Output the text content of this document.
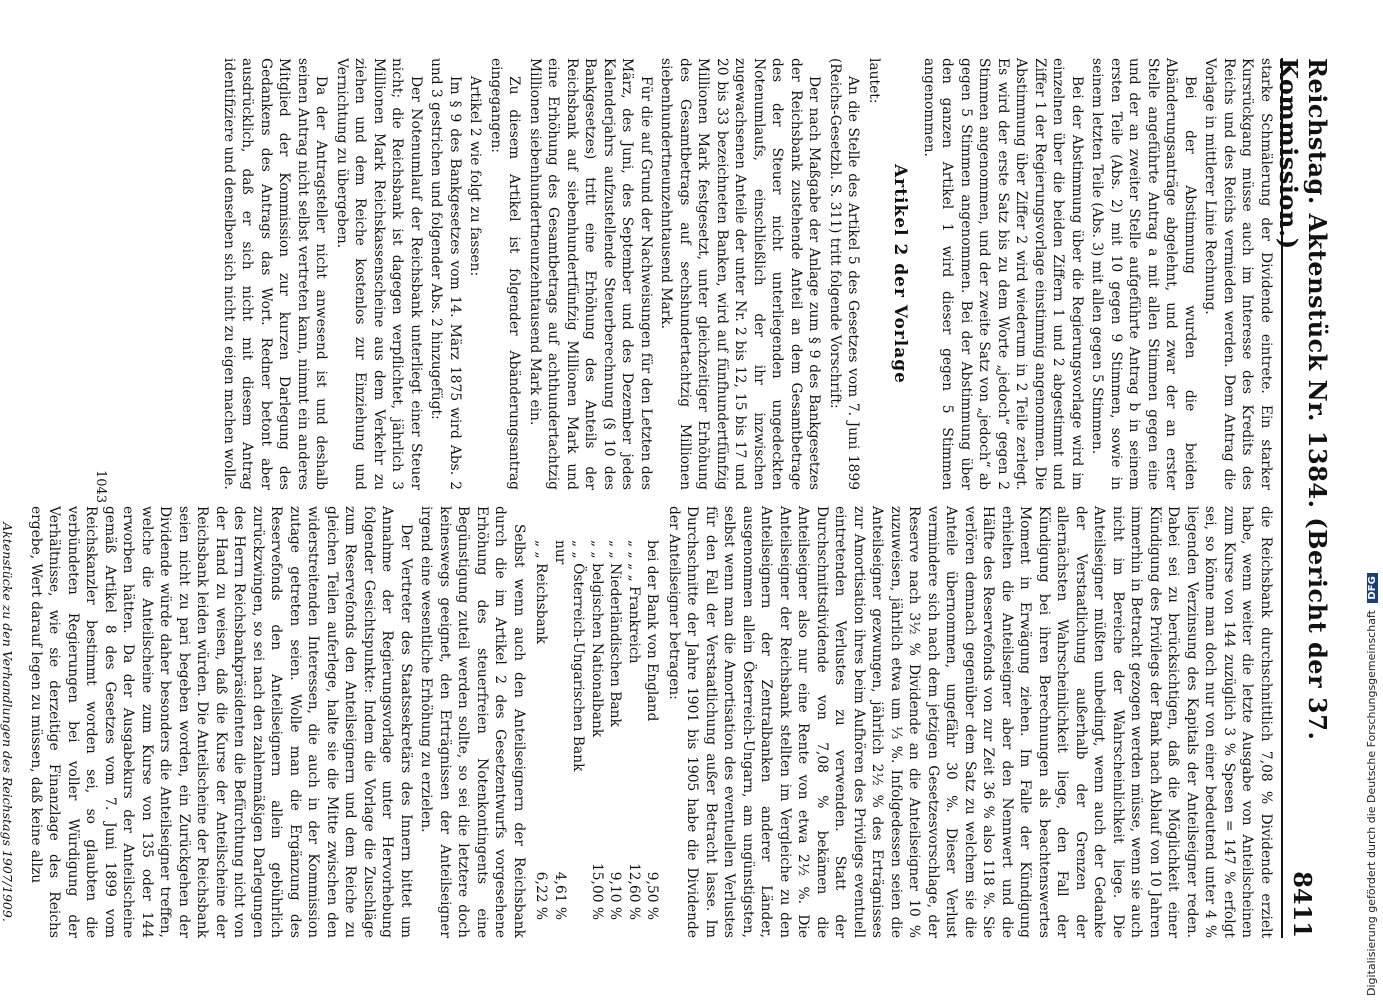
Reichstag. Aktenstück Nr. 1384. (Bericht der 37. Kommission.)
8411

starke Schmälerung der Dividende eintrete. Ein starker Kursrückgang müsse auch im Interesse des Kredits des Reichs und des Reichs vermieden werden. Dem Antrag die Vorlage in mittlerer Linie Rechnung.

Bei der Abstimmung wurden die beiden Abänderungsanträge abgelehnt, und zwar der an erster Stelle angeführte Antrag a mit allen Stimmen gegen eine und der an zweiter Stelle aufgeführte Antrag b in seinem ersten Teile (Abs. 2) mit 10 gegen 9 Stimmen, sowie in seinem letzten Teile (Abs. 3) mit allen gegen 5 Stimmen.

Bei der Abstimmung über die Regierungsvorlage wird im einzelnen über die beiden Ziffern 1 und 2 abgestimmt und Ziffer 1 der Regierungsvorlage einstimmig angenommen. Die Abstimmung über Ziffer 2 wird wiederum in 2 Teile zerlegt. Es wird der erste Satz bis zu dem Worte „jedoch“ gegen 2 Stimmen angenommen, und der zweite Satz von „jedoch“ ab gegen 5 Stimmen angenommen. Bei der Abstimmung über den ganzen Artikel 1 wird dieser gegen 5 Stimmen angenommen.

Artikel 2 der Vorlage

lautet:

An die Stelle des Artikel 5 des Gesetzes vom 7. Juni 1899 (Reichs-Gesetzbl. S. 311) tritt folgende Vorschrift:

Der nach Maßgabe der Anlage zum § 9 des Bankgesetzes der Reichsbank zustehende Anteil an dem Gesamtbetrage des der Steuer nicht unterliegenden ungedeckten Notenumlaufs, einschließlich der ihr inzwischen zugewachsenen Anteile der unter Nr. 2 bis 12, 15 bis 17 und 20 bis 33 bezeichneten Banken, wird auf fünfhundertfünfzig Millionen Mark festgesetzt, unter gleichzeitiger Erhöhung des Gesamtbetrags auf sechshundertachtzig Millionen siebenhundertneunzehntausend Mark.

Für die auf Grund der Nachweisungen für den Letzten des März, des Juni, des September und des Dezember jedes Kalenderjahrs aufzustellende Steuerberechnung (§ 10 des Bankgesetzes) tritt eine Erhöhung des Anteils der Reichsbank auf siebenhundertfünfzig Millionen Mark und eine Erhöhung des Gesamtbetrags auf achthundertachtzig Millionen siebenhundertneunzehntausend Mark ein.

Zu diesem Artikel ist folgender Abänderungsantrag eingegangen:

Artikel 2 wie folgt zu fassen:

Im § 9 des Bankgesetzes vom 14. März 1875 wird Abs. 2 und 3 gestrichen und folgender Abs. 2 hinzugefügt:

Der Notenumlauf der Reichsbank unterliegt einer Steuer nicht; die Reichsbank ist dagegen verpflichtet, jährlich 3 Millionen Mark Reichskassenscheine aus dem Verkehr zu ziehen und dem Reiche kostenlos zur Einziehung und Vernichtung zu übergeben.

Da der Antragsteller nicht anwesend ist und deshalb seinen Antrag nicht selbst vertreten kann, nimmt ein anderes Mitglied der Kommission zur kurzen Darlegung des Gedankens des Antrags das Wort. Redner betont aber ausdrücklich, daß er sich nicht mit diesem Antrag identifiziere und denselben sich nicht zu eigen machen wolle.

die Reichsbank durchschnittlich 7,08 % Dividende erzielt habe, wenn weiter die letzte Ausgabe von Anteilscheinen zum Kurse von 144 zuzüglich 3 % Spesen = 147 % erfolgt sei, so könne man doch nur von einer bedeutend unter 4 % liegenden Verzinsung des Kapitals der Anteilseigner reden. Dabei sei zu berücksichtigen, daß die Möglichkeit einer Kündigung des Privilegs der Bank nach Ablauf von 10 Jahren immerhin in Betracht gezogen werden müsse, wenn sie auch nicht im Bereiche der Wahrscheinlichkeit liege. Die Anteilseigner müßten unbedingt, wenn auch der Gedanke der Verstaatlichung außerhalb der Grenzen der allernächsten Wahrscheinlichkeit liege, den Fall der Kündigung bei ihren Berechnungen als beachtenswertes Moment in Erwägung ziehen. Im Falle der Kündigung erhielten die Anteilseigner aber den Nennwert und die Hälfte des Reservefonds von zur Zeit 36 % also 118 %. Sie verlören demnach gegenüber dem Satz zu welchem sie die Anteile übernommen, ungefähr 30 %. Dieser Verlust vermindere sich nach dem jetzigen Gesetzesvorschlage, der Reserve nach 3½ % Dividende an die Anteilseigner 10 % zuzuweisen, jährlich etwa um ⅓ %. Infolgedessen seien die Anteilseigner gezwungen, jährlich 2½ % des Erträgnisses zur Amortisation ihres beim Aufhören des Privilegs eventuell eintretenden Verlustes zu verwenden. Statt der Durchschnittsdividende von 7,08 % bekämen die Anteilseigner also nur eine Rente von etwa 2½ %. Die Anteilseigner der Reichsbank stellten im Vergleiche zu den Anteilseignern der Zentralbanken anderer Länder, ausgenommen allein Österreich-Ungarn, am ungünstigsten, selbst wenn man die Amortisation des eventuellen Verlustes für den Fall der Verstaatlichung außer Betracht lasse. Im Durchschnitte der Jahre 1901 bis 1905 habe die Dividende der Anteilseigner betragen:

bei der Bank von England
9,50 %
„ „ „ „ Frankreich
12,60 %
„ „ Niederländischen Bank
9,10 %
„ „ belgischen Nationalbank
15,00 %
„ „ Österreich-Ungarischen Bank
nur
4,61 %
„ „ Reichsbank
6,22 %

Selbst wenn auch den Anteilseignern der Reichsbank durch die im Artikel 2 des Gesetzentwurfs vorgesehene Erhöhung des steuerfreien Notenkontingents eine Begünstigung zuteil werden sollte, so sei die letztere doch keineswegs geeignet, den Erträgnissen der Anteilseigner irgend eine wesentliche Erhöhung zu erzielen.

Der Vertreter des Staatssekretärs des Innern bittet um Annahme der Regierungsvorlage unter Hervorhebung folgender Gesichtspunkte: Indem die Vorlage die Zuschläge zum Reservefonds den Anteilseignern und dem Reiche zu gleichen Teilen auferlege, halte sie die Mitte zwischen den widerstreitenden Interessen, die auch in der Kommission zutage getreten seien. Wolle man die Ergänzung des Reservefonds den Anteilseignern allein gebührlich zurückzwingen, so sei nach den zahlenmäßigen Darlegungen des Herrn Reichsbankpräsidenten die Befürchtung nicht von der Hand zu weisen, daß die Kurse der Anteilscheine der Reichsbank leiden würden. Die Anteilscheine der Reichsbank seien nicht zu pari begeben worden, ein Zurückgehen der Dividende würde daher besonders die Anteilseigner treffen, welche die Anteilscheine zum Kurse von 135 oder 144 erworben hätten. Da der Ausgabekurs der Anteilscheine gemäß Artikel 8 des Gesetzes vom 7. Juni 1899 vom Reichskanzler bestimmt worden sei, so glaubten die verbündeten Regierungen bei voller Würdigung der Verhältnisse, wie sie derzeitige Finanzlage des Reichs ergebe, Wert darauf legen zu müssen, daß keine allzu

Aktenstücke zu den Verhandlungen des Reichstags 1907/1909.
1043
Digitalisierung gefördert durch die Deutsche Forschungsgemeinschaft DFG
